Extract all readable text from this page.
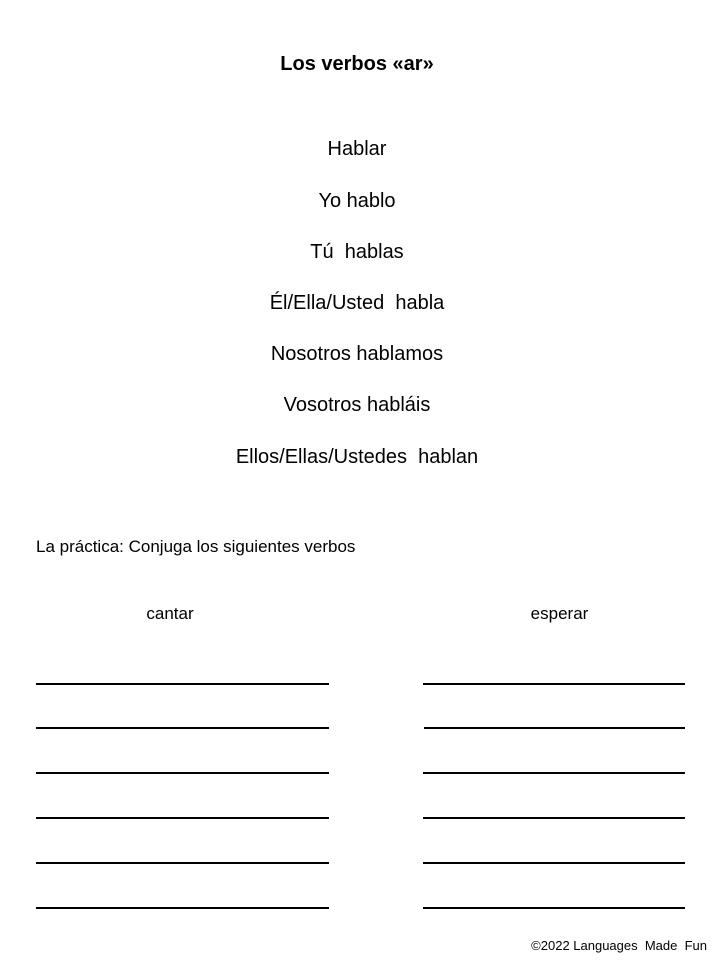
Los verbos «ar»
Hablar
Yo hablo
Tú  hablas
Él/Ella/Usted  habla
Nosotros hablamos
Vosotros habláis
Ellos/Ellas/Ustedes  hablan
La práctica: Conjuga los siguientes verbos
cantar	esperar
©2022 Languages  Made  Fun
